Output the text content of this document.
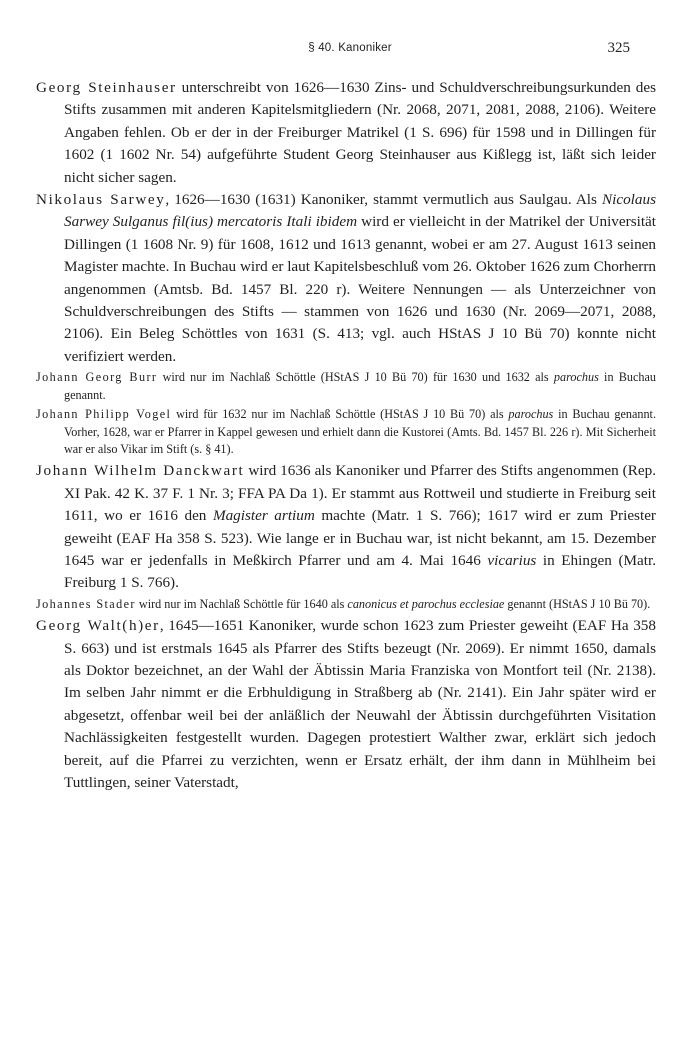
§ 40. Kanoniker	325

Georg Steinhauser unterschreibt von 1626—1630 Zins- und Schuldverschreibungsurkunden des Stifts zusammen mit anderen Kapitelsmitgliedern (Nr. 2068, 2071, 2081, 2088, 2106). Weitere Angaben fehlen. Ob er der in der Freiburger Matrikel (1 S. 696) für 1598 und in Dillingen für 1602 (1 1602 Nr. 54) aufgeführte Student Georg Steinhauser aus Kißlegg ist, läßt sich leider nicht sicher sagen.

Nikolaus Sarwey, 1626—1630 (1631) Kanoniker, stammt vermutlich aus Saulgau. Als Nicolaus Sarwey Sulganus fil(ius) mercatoris Itali ibidem wird er vielleicht in der Matrikel der Universität Dillingen (1 1608 Nr. 9) für 1608, 1612 und 1613 genannt, wobei er am 27. August 1613 seinen Magister machte. In Buchau wird er laut Kapitelsbeschluß vom 26. Oktober 1626 zum Chorherrn angenommen (Amtsb. Bd. 1457 Bl. 220 r). Weitere Nennungen — als Unterzeichner von Schuldverschreibungen des Stifts — stammen von 1626 und 1630 (Nr. 2069—2071, 2088, 2106). Ein Beleg Schöttles von 1631 (S. 413; vgl. auch HStAS J 10 Bü 70) konnte nicht verifiziert werden.

Johann Georg Burr wird nur im Nachlaß Schöttle (HStAS J 10 Bü 70) für 1630 und 1632 als parochus in Buchau genannt.

Johann Philipp Vogel wird für 1632 nur im Nachlaß Schöttle (HStAS J 10 Bü 70) als parochus in Buchau genannt. Vorher, 1628, war er Pfarrer in Kappel gewesen und erhielt dann die Kustorei (Amts. Bd. 1457 Bl. 226 r). Mit Sicherheit war er also Vikar im Stift (s. § 41).

Johann Wilhelm Danckwart wird 1636 als Kanoniker und Pfarrer des Stifts angenommen (Rep. XI Pak. 42 K. 37 F. 1 Nr. 3; FFA PA Da 1). Er stammt aus Rottweil und studierte in Freiburg seit 1611, wo er 1616 den Magister artium machte (Matr. 1 S. 766); 1617 wird er zum Priester geweiht (EAF Ha 358 S. 523). Wie lange er in Buchau war, ist nicht bekannt, am 15. Dezember 1645 war er jedenfalls in Meßkirch Pfarrer und am 4. Mai 1646 vicarius in Ehingen (Matr. Freiburg 1 S. 766).

Johannes Stader wird nur im Nachlaß Schöttle für 1640 als canonicus et parochus ecclesiae genannt (HStAS J 10 Bü 70).

Georg Walt(h)er, 1645—1651 Kanoniker, wurde schon 1623 zum Priester geweiht (EAF Ha 358 S. 663) und ist erstmals 1645 als Pfarrer des Stifts bezeugt (Nr. 2069). Er nimmt 1650, damals als Doktor bezeichnet, an der Wahl der Äbtissin Maria Franziska von Montfort teil (Nr. 2138). Im selben Jahr nimmt er die Erbhuldigung in Straßberg ab (Nr. 2141). Ein Jahr später wird er abgesetzt, offenbar weil bei der anläßlich der Neuwahl der Äbtissin durchgeführten Visitation Nachlässigkeiten festgestellt wurden. Dagegen protestiert Walther zwar, erklärt sich jedoch bereit, auf die Pfarrei zu verzichten, wenn er Ersatz erhält, der ihm dann in Mühlheim bei Tuttlingen, seiner Vaterstadt,
